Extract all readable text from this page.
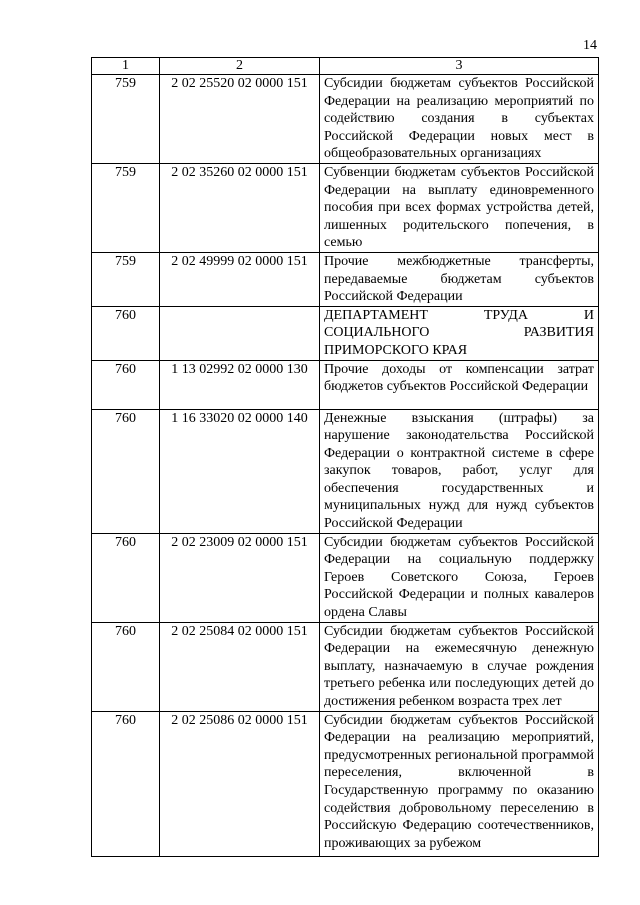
14
1	2	3
759	2 02 25520 02 0000 151	Субсидии бюджетам субъектов Российской Федерации на реализацию мероприятий по содействию создания в субъектах Российской Федерации новых мест в общеобразовательных организациях
759	2 02 35260 02 0000 151	Субвенции бюджетам субъектов Российской Федерации на выплату единовременного пособия при всех формах устройства детей, лишенных родительского попечения, в семью
759	2 02 49999 02 0000 151	Прочие межбюджетные трансферты, передаваемые бюджетам субъектов Российской Федерации
760		ДЕПАРТАМЕНТ ТРУДА И СОЦИАЛЬНОГО РАЗВИТИЯ ПРИМОРСКОГО КРАЯ
760	1 13 02992 02 0000 130	Прочие доходы от компенсации затрат бюджетов субъектов Российской Федерации
760	1 16 33020 02 0000 140	Денежные взыскания (штрафы) за нарушение законодательства Российской Федерации о контрактной системе в сфере закупок товаров, работ, услуг для обеспечения государственных и муниципальных нужд для нужд субъектов Российской Федерации
760	2 02 23009 02 0000 151	Субсидии бюджетам субъектов Российской Федерации на социальную поддержку Героев Советского Союза, Героев Российской Федерации и полных кавалеров ордена Славы
760	2 02 25084 02 0000 151	Субсидии бюджетам субъектов Российской Федерации на ежемесячную денежную выплату, назначаемую в случае рождения третьего ребенка или последующих детей до достижения ребенком возраста трех лет
760	2 02 25086 02 0000 151	Субсидии бюджетам субъектов Российской Федерации на реализацию мероприятий, предусмотренных региональной программой переселения, включенной в Государственную программу по оказанию содействия добровольному переселению в Российскую Федерацию соотечественников, проживающих за рубежом
